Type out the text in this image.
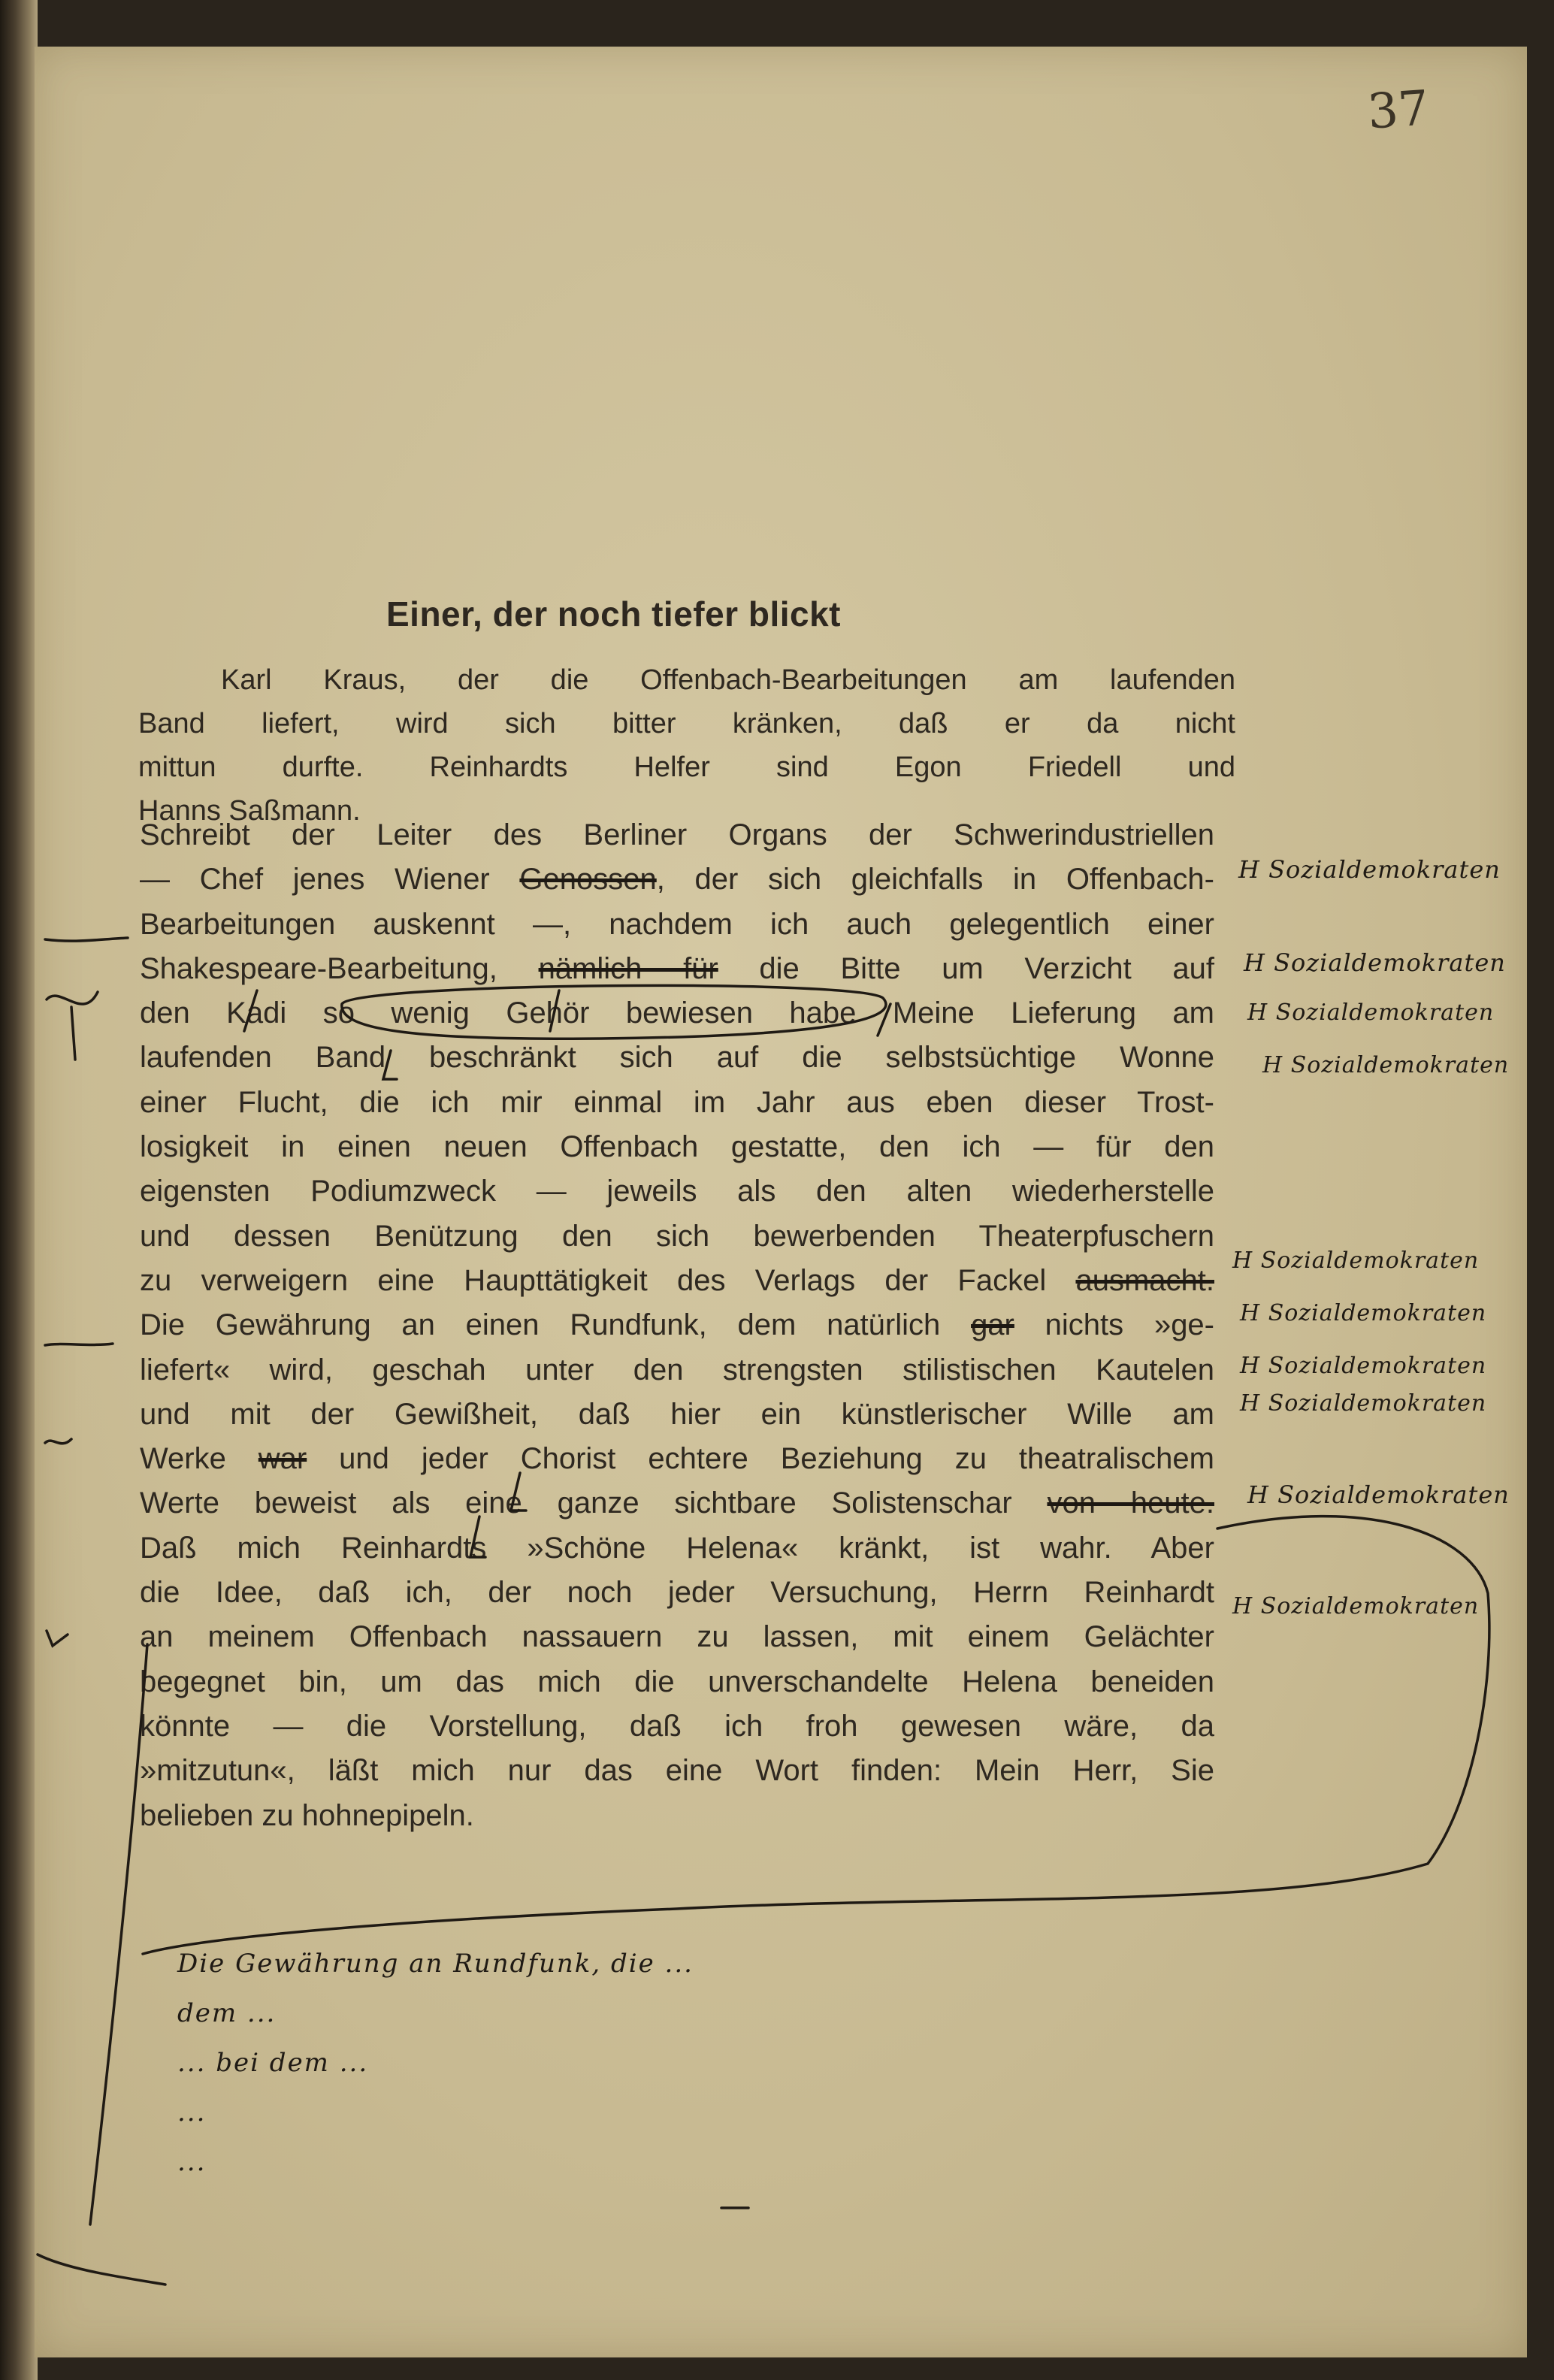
37
Einer, der noch tiefer blickt
Karl Kraus, der die Offenbach-Bearbeitungen am laufenden
Band liefert, wird sich bitter kränken, daß er da nicht
mittun durfte. Reinhardts Helfer sind Egon Friedell und
Hanns Saßmann.
Schreibt der Leiter des Berliner Organs der Schwerindustriellen
— Chef jenes Wiener Genossen, der sich gleichfalls in Offenbach-
Bearbeitungen auskennt —, nachdem ich auch gelegentlich einer
Shakespeare-Bearbeitung, nämlich für die Bitte um Verzicht auf
den Kadi so wenig Gehör bewiesen habe Meine Lieferung am
laufenden Band beschränkt sich auf die selbstsüchtige Wonne
einer Flucht, die ich mir einmal im Jahr aus eben dieser Trost-
losigkeit in einen neuen Offenbach gestatte, den ich — für den
eigensten Podiumzweck — jeweils als den alten wiederherstelle
und dessen Benützung den sich bewerbenden Theaterpfuschern
zu verweigern eine Haupttätigkeit des Verlags der Fackel ausmacht.
Die Gewährung an einen Rundfunk, dem natürlich gar nichts »ge-
liefert« wird, geschah unter den strengsten stilistischen Kautelen
und mit der Gewißheit, daß hier ein künstlerischer Wille am
Werke war und jeder Chorist echtere Beziehung zu theatralischem
Werte beweist als eine ganze sichtbare Solistenschar von heute.
Daß mich Reinhardts »Schöne Helena« kränkt, ist wahr. Aber
die Idee, daß ich, der noch jeder Versuchung, Herrn Reinhardt
an meinem Offenbach nassauern zu lassen, mit einem Gelächter
begegnet bin, um das mich die unverschandelte Helena beneiden
könnte — die Vorstellung, daß ich froh gewesen wäre, da
»mitzutun«, läßt mich nur das eine Wort finden: Mein Herr, Sie
belieben zu hohnepipeln.
H Sozialdemokraten
H Sozialdemokraten
H Sozialdemokraten
H Sozialdemokraten
H Sozialdemokraten
H Sozialdemokraten
H Sozialdemokraten
H Sozialdemokraten
H Sozialdemokraten
H Sozialdemokraten
Die Gewährung an Rundfunk, die ...
dem ...
... bei dem ...
...
...
